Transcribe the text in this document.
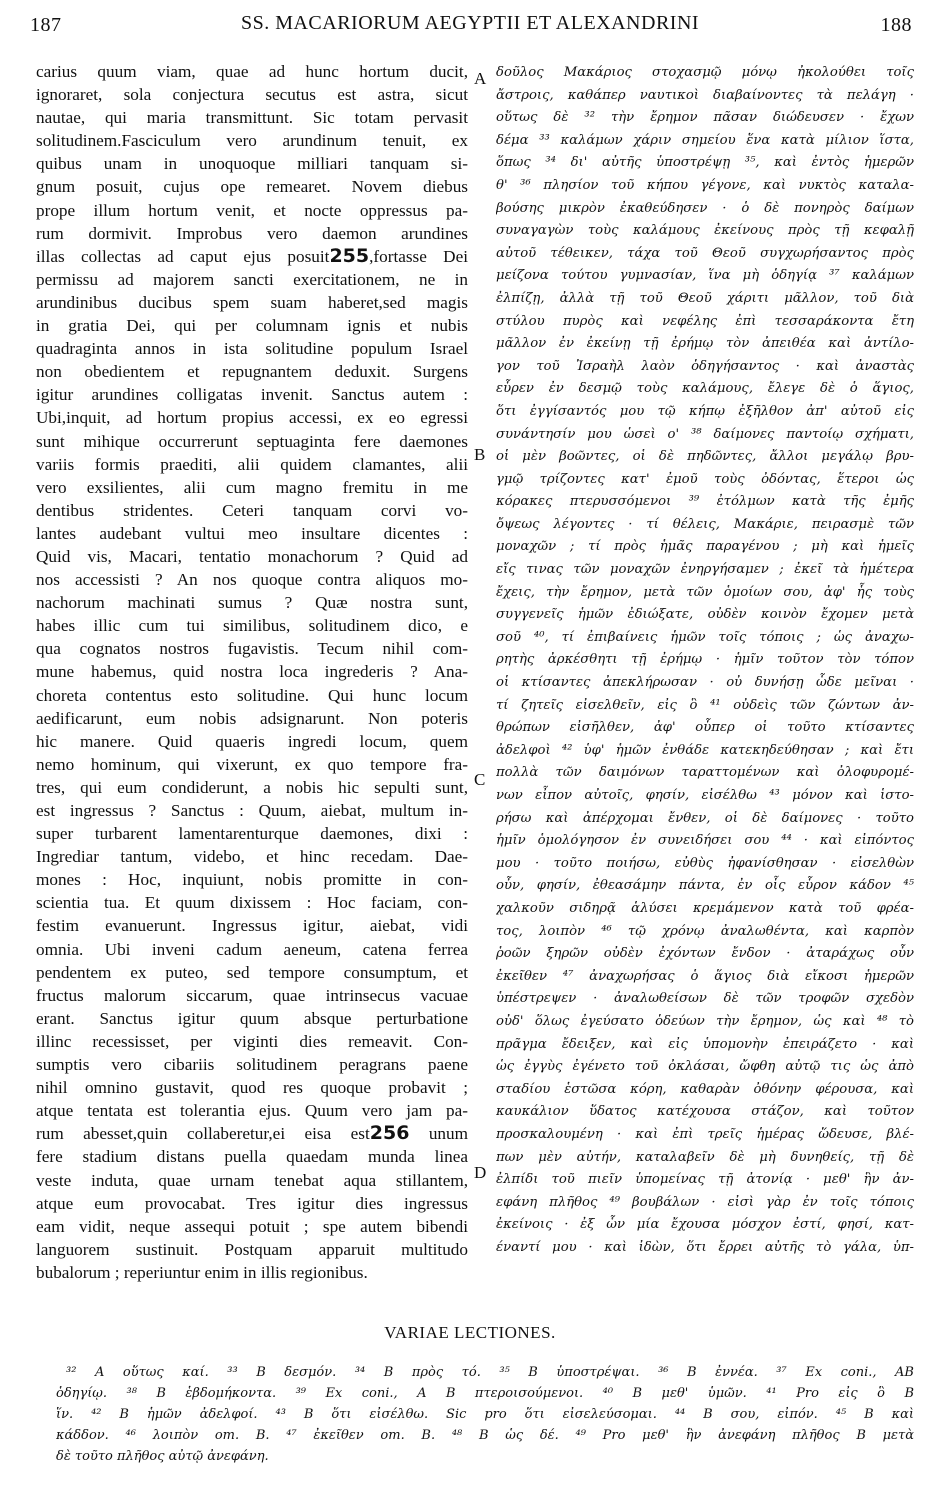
187	SS. MACARIORUM AEGYPTII ET ALEXANDRINI	188
carius quum viam, quae ad hunc hortum ducit,
ignoraret, sola conjectura secutus est astra, sicut
nautae, qui maria transmittunt. Sic totam pervasit
solitudinem.Fasciculum vero arundinum tenuit, ex
quibus unam in unoquoque milliari tanquam si-
gnum posuit, cujus ope remearet. Novem diebus
prope illum hortum venit, et nocte oppressus pa-
rum dormivit. Improbus vero daemon arundines
illas collectas ad caput ejus posuit255,fortasse Dei
permissu ad majorem sancti exercitationem, ne in
arundinibus ducibus spem suam haberet,sed magis
in gratia Dei, qui per columnam ignis et nubis
quadraginta annos in ista solitudine populum Israel
non obedientem et repugnantem deduxit. Surgens
igitur arundines colligatas invenit. Sanctus autem :
Ubi,inquit, ad hortum propius accessi, ex eo egressi
sunt mihique occurrerunt septuaginta fere daemones
variis formis praediti, alii quidem clamantes, alii
vero exsilientes, alii cum magno fremitu in me
dentibus stridentes. Ceteri tanquam corvi vo-
lantes audebant vultui meo insultare dicentes :
Quid vis, Macari, tentatio monachorum ? Quid ad
nos accessisti ? An nos quoque contra aliquos mo-
nachorum machinati sumus ? Quæ nostra sunt,
habes illic cum tui similibus, solitudinem dico, e
qua cognatos nostros fugavistis. Tecum nihil com-
mune habemus, quid nostra loca ingrederis ? Ana-
choreta contentus esto solitudine. Qui hunc locum
aedificarunt, eum nobis adsignarunt. Non poteris
hic manere. Quid quaeris ingredi locum, quem
nemo hominum, qui vixerunt, ex quo tempore fra-
tres, qui eum condiderunt, a nobis hic sepulti sunt,
est ingressus ? Sanctus : Quum, aiebat, multum in-
super turbarent lamentarenturque daemones, dixi :
Ingrediar tantum, videbo, et hinc recedam. Dae-
mones : Hoc, inquiunt, nobis promitte in con-
scientia tua. Et quum dixissem : Hoc faciam, con-
festim evanuerunt. Ingressus igitur, aiebat, vidi
omnia. Ubi inveni cadum aeneum, catena ferrea
pendentem ex puteo, sed tempore consumptum, et
fructus malorum siccarum, quae intrinsecus vacuae
erant. Sanctus igitur quum absque perturbatione
illinc recessisset, per viginti dies remeavit. Con-
sumptis vero cibariis solitudinem peragrans paene
nihil omnino gustavit, quod res quoque probavit ;
atque tentata est tolerantia ejus. Quum vero jam pa-
rum abesset,quin collaberetur,ei eisa est256 unum
fere stadium distans puella quaedam munda linea
veste induta, quae urnam tenebat aqua stillantem,
atque eum provocabat. Tres igitur dies ingressus
eam vidit, neque assequi potuit ; spe autem bibendi
languorem sustinuit. Postquam apparuit multitudo
bubalorum ; reperiuntur enim in illis regionibus.
δοῦλος Μακάριος στοχασμῷ μόνῳ ἠκολούθει τοῖς
ἄστροις, καθάπερ ναυτικοὶ διαβαίνοντες τὰ πελάγη ·
οὕτως δὲ ³² τὴν ἔρημον πᾶσαν διώδευσεν · ἔχων
δέμα ³³ καλάμων χάριν σημείου ἕνα κατὰ μίλιον ἵστα,
ὅπως ³⁴ δι' αὐτῆς ὑποστρέψῃ ³⁵, καὶ ἐντὸς ἡμερῶν
θ' ³⁶ πλησίον τοῦ κήπου γέγονε, καὶ νυκτὸς καταλα-
βούσης μικρὸν ἐκαθεύδησεν · ὁ δὲ πονηρὸς δαίμων
συναγαγὼν τοὺς καλάμους ἐκείνους πρὸς τῇ κεφαλῇ
αὐτοῦ τέθεικεν, τάχα τοῦ Θεοῦ συγχωρήσαντος πρὸς
μείζονα τούτου γυμνασίαν, ἵνα μὴ ὁδηγίᾳ ³⁷ καλάμων
ἐλπίζῃ, ἀλλὰ τῇ τοῦ Θεοῦ χάριτι μᾶλλον, τοῦ διὰ
στύλου πυρὸς καὶ νεφέλης ἐπὶ τεσσαράκοντα ἔτη
μᾶλλον ἐν ἐκείνῃ τῇ ἐρήμῳ τὸν ἀπειθέα καὶ ἀντίλο-
γον τοῦ Ἰσραὴλ λαὸν ὁδηγήσαντος · καὶ ἀναστὰς
εὗρεν ἐν δεσμῷ τοὺς καλάμους, ἔλεγε δὲ ὁ ἅγιος,
ὅτι ἐγγίσαντός μου τῷ κήπῳ ἐξῆλθον ἀπ' αὐτοῦ εἰς
συνάντησίν μου ὡσεὶ ο' ³⁸ δαίμονες παντοίῳ σχήματι,
οἱ μὲν βοῶντες, οἱ δὲ πηδῶντες, ἄλλοι μεγάλῳ βρυ-
γμῷ τρίζοντες κατ' ἐμοῦ τοὺς ὀδόντας, ἕτεροι ὡς
κόρακες πτερυσσόμενοι ³⁹ ἐτόλμων κατὰ τῆς ἐμῆς
ὄψεως λέγοντες · τί θέλεις, Μακάριε, πειρασμὲ τῶν
μοναχῶν ; τί πρὸς ἡμᾶς παραγένου ; μὴ καὶ ἡμεῖς
εἴς τινας τῶν μοναχῶν ἐνηργήσαμεν ; ἐκεῖ τὰ ἡμέτερα
ἔχεις, τὴν ἔρημον, μετὰ τῶν ὁμοίων σου, ἀφ' ἧς τοὺς
συγγενεῖς ἡμῶν ἐδιώξατε, οὐδὲν κοινὸν ἔχομεν μετὰ
σοῦ ⁴⁰, τί ἐπιβαίνεις ἡμῶν τοῖς τόποις ; ὡς ἀναχω-
ρητὴς ἀρκέσθητι τῇ ἐρήμῳ · ἡμῖν τοῦτον τὸν τόπον
οἱ κτίσαντες ἀπεκλήρωσαν · οὐ δυνήσῃ ὧδε μεῖναι ·
τί ζητεῖς εἰσελθεῖν, εἰς ὃ ⁴¹ οὐδεὶς τῶν ζώντων ἀν-
θρώπων εἰσῆλθεν, ἀφ' οὗπερ οἱ τοῦτο κτίσαντες
ἀδελφοὶ ⁴² ὑφ' ἡμῶν ἐνθάδε κατεκηδεύθησαν ; καὶ ἔτι
πολλὰ τῶν δαιμόνων ταραττομένων καὶ ὀλοφυρομέ-
νων εἶπον αὐτοῖς, φησίν, εἰσέλθω ⁴³ μόνον καὶ ἱστο-
ρήσω καὶ ἀπέρχομαι ἔνθεν, οἱ δὲ δαίμονες · τοῦτο
ἡμῖν ὁμολόγησον ἐν συνειδήσει σου ⁴⁴ · καὶ εἰπόντος
μου · τοῦτο ποιήσω, εὐθὺς ἠφανίσθησαν · εἰσελθὼν
οὖν, φησίν, ἐθεασάμην πάντα, ἐν οἷς εὗρον κάδον ⁴⁵
χαλκοῦν σιδηρᾷ ἁλύσει κρεμάμενον κατὰ τοῦ φρέα-
τος, λοιπὸν ⁴⁶ τῷ χρόνῳ ἀναλωθέντα, καὶ καρπὸν
ῥοῶν ξηρῶν οὐδὲν ἐχόντων ἔνδον · ἀταράχως οὖν
ἐκεῖθεν ⁴⁷ ἀναχωρήσας ὁ ἅγιος διὰ εἴκοσι ἡμερῶν
ὑπέστρεψεν · ἀναλωθείσων δὲ τῶν τροφῶν σχεδὸν
οὐδ' ὅλως ἐγεύσατο ὁδεύων τὴν ἔρημον, ὡς καὶ ⁴⁸ τὸ
πρᾶγμα ἔδειξεν, καὶ εἰς ὑπομονὴν ἐπειράζετο · καὶ
ὡς ἐγγὺς ἐγένετο τοῦ ὀκλάσαι, ὤφθη αὐτῷ τις ὡς ἀπὸ
σταδίου ἑστῶσα κόρη, καθαρὰν ὀθόνην φέρουσα, καὶ
καυκάλιον ὕδατος κατέχουσα στάζον, καὶ τοῦτον
προσκαλουμένη · καὶ ἐπὶ τρεῖς ἡμέρας ὥδευσε, βλέ-
πων μὲν αὐτήν, καταλαβεῖν δὲ μὴ δυνηθείς, τῇ δὲ
ἐλπίδι τοῦ πιεῖν ὑπομείνας τῇ ἀτονίᾳ · μεθ' ἣν ἀν-
εφάνη πλῆθος ⁴⁹ βουβάλων · εἰσὶ γὰρ ἐν τοῖς τόποις
ἐκείνοις · ἐξ ὧν μία ἔχουσα μόσχον ἐστί, φησί, κατ-
έναντί μου · καὶ ἰδὼν, ὅτι ἔρρει αὐτῆς τὸ γάλα, ὑπ-
A
B
C
D
VARIAE LECTIONES.
³² A οὕτως καί. ³³ B δεσμόν. ³⁴ B πρὸς τό. ³⁵ B ὑποστρέψαι. ³⁶ B ἐννέα. ³⁷ Ex coni., AB
ὁδηγίῳ. ³⁸ B ἑβδομήκοντα. ³⁹ Ex coni., A B πτεροισούμενοι. ⁴⁰ B μεθ' ὑμῶν. ⁴¹ Pro εἰς ὃ B
ἵν. ⁴² B ἡμῶν ἀδελφοί. ⁴³ B ὅτι εἰσέλθω. Sic pro ὅτι εἰσελεύσομαι. ⁴⁴ B σου, εἰπόν. ⁴⁵ B καὶ
κάδδον. ⁴⁶ λοιπὸν om. B. ⁴⁷ ἐκεῖθεν om. B. ⁴⁸ B ὡς δέ. ⁴⁹ Pro μεθ' ἣν ἀνεφάνη πλῆθος B μετὰ
δὲ τοῦτο πλῆθος αὐτῷ ἀνεφάνη.
